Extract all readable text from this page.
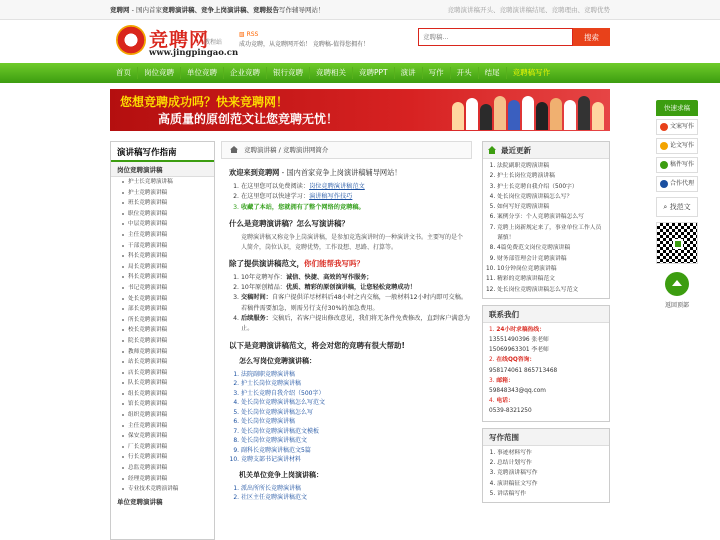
竞聘网 - 国内首家竞聘演讲稿、竞争上岗演讲稿、竞聘报告写作辅导网站！	竞聘演讲稿开头、竞聘演讲稿结尾、竞聘理由、竞聘优势
竞聘网
教程站
www.jingpingao.cn
▧ RSS
成功竞聘，从竞聘网开始！ 竞聘稿-值得您拥有！
竞聘稿...
搜索
首页	岗位竞聘	单位竞聘	企业竞聘	银行竞聘	竞聘相关	竞聘PPT	演讲	写作	开头	结尾	竞聘稿写作
您想竞聘成功吗？快来竞聘网！
高质量的原创范文让您竞聘无忧！
演讲稿写作指南
岗位竞聘演讲稿
护士长竞聘演讲稿
护士竞聘演讲稿
班长竞聘演讲稿
职位竞聘演讲稿
中层竞聘演讲稿
主任竞聘演讲稿
干部竞聘演讲稿
科长竞聘演讲稿
局长竞聘演讲稿
科长竞聘演讲稿
书记竞聘演讲稿
处长竞聘演讲稿
部长竞聘演讲稿
所长竞聘演讲稿
校长竞聘演讲稿
院长竞聘演讲稿
教师竞聘演讲稿
站长竞聘演讲稿
店长竞聘演讲稿
队长竞聘演讲稿
组长竞聘演讲稿
馆长竞聘演讲稿
组织竞聘演讲稿
主任竞聘演讲稿
保安竞聘演讲稿
厂长竞聘演讲稿
行长竞聘演讲稿
总监竞聘演讲稿
经理竞聘演讲稿
专业技术竞聘演讲稿
单位竞聘演讲稿
竞聘演讲稿 / 竞聘演讲网简介
欢迎来到竞聘网 - 国内首家竞争上岗演讲稿辅导网站！
1. 在这里您可以免费阅读：岗位竞聘演讲稿范文
2. 在这里您可以快速学习：演讲稿写作技巧
3. 收藏了本站，您就拥有了整个网络的竞聘稿。
什么是竞聘演讲稿？怎么写演讲稿？

竞聘演讲稿又称竞争上岗演讲稿，是参加竞选演讲时的一种演讲文书。主要写的是个人简介，岗位认识，竞聘优势，工作设想、思路、打算等。

除了提供演讲稿范文，你们能帮我写吗？
1. 10年竞聘写作：诚信、快捷、高效的写作服务；
2. 10年原创精品：优质、精彩的原创演讲稿，让您轻松竞聘成功！
3. 交稿时间：自客户提供详尽材料后48小时之内交稿，一般材料12小时内即可交稿。若稿件需要加急，则需另行支付30%的加急费用。
4. 后续服务：交稿后，若客户提出修改意见，我们将无条件免费修改，直到客户满意为止。
以下是竞聘演讲稿范文，将会对您的竞聘有很大帮助!
怎么写岗位竞聘演讲稿：
1. 法院副职竞聘演讲稿
2. 护士长岗位竞聘演讲稿
3. 护士长竞聘自我介绍（500字）
4. 处长岗位竞聘演讲稿怎么写范文
5. 处长岗位竞聘演讲稿怎么写
6. 处长岗位竞聘演讲稿
7. 处长岗位竞聘演讲稿范文模板
8. 处长岗位竞聘演讲稿范文
9. 副科长竞聘演讲稿范文5篇
10. 竞聘支部书记演讲材料
机关单位竞争上岗演讲稿：
1. 派出所所长竞聘演讲稿
2. 社区主任竞聘演讲稿范文
最近更新
1. 法院副职竞聘演讲稿
2. 护士长岗位竞聘演讲稿
3. 护士长竞聘自我介绍（500字）
4. 处长岗位竞聘演讲稿怎么写？
5. 如何写好竞聘演讲稿
6. 案例分享：个人竞聘演讲稿怎么写
7. 竞聘上岗新规定来了，事业单位工作人员谨慎！
8. 4篇免费范文岗位竞聘演讲稿
9. 财务部管理会计竞聘演讲稿
10. 10分钟岗位竞聘演讲稿
11. 精彩的竞聘演讲稿范文
12. 处长岗位竞聘演讲稿怎么写范文
联系我们
1. 24小时求稿热线：
13551490396 张老师
15069963301 李老师
2. 在线QQ咨询：
958174061 865713468
3. 邮箱：
59848343@qq.com
4. 电话：
0539-8321250
写作范围
1. 事迹材料写作
2. 总结计划写作
3. 竞聘演讲稿写作
4. 演讲稿征文写作
5. 讲话稿写作
快速求稿
文案写作
论文写作
稿件写作
合作代理
⌕ 找范文
返回顶部
